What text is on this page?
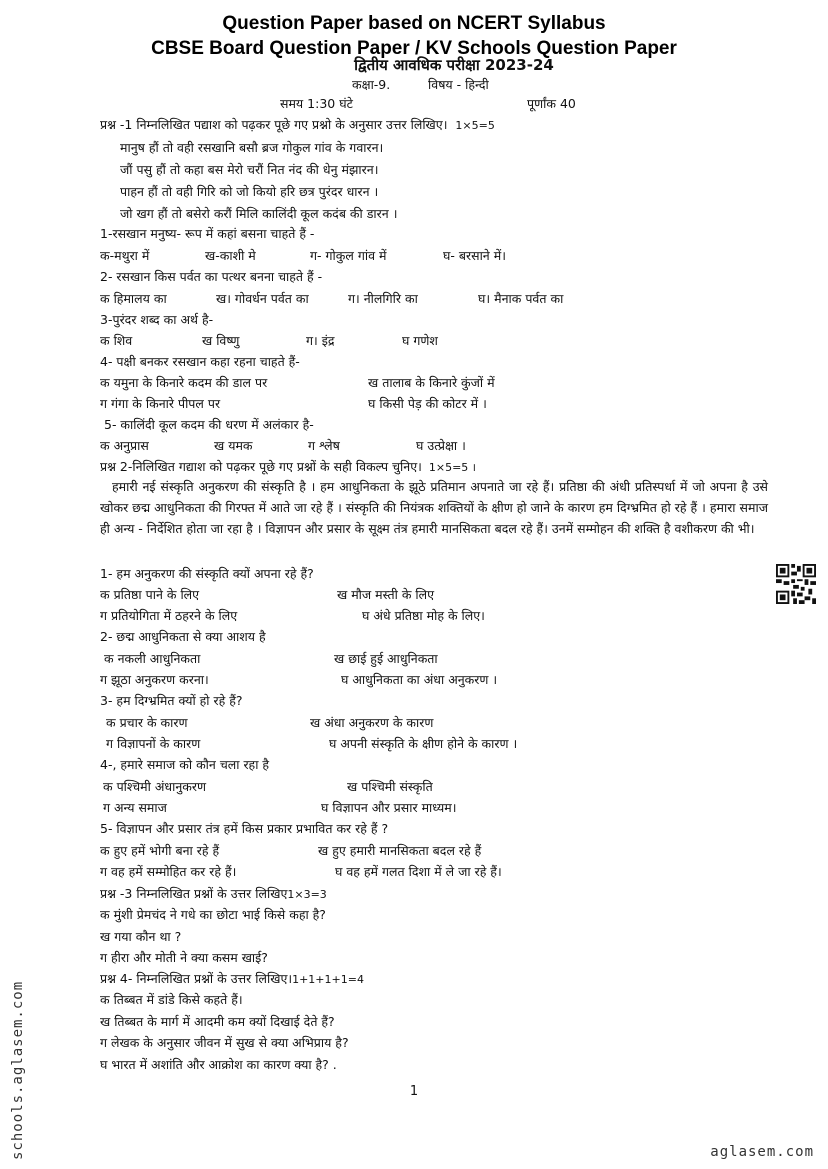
Question Paper based on NCERT Syllabus
CBSE Board Question Paper / KV Schools Question Paper
द्वितीय आवधिक परीक्षा 2023-24
कक्षा-9.	विषय - हिन्दी
समय 1:30 घंटे	पूर्णांक 40
प्रश्न -1 निम्नलिखित पद्याश को पढ़कर पूछे गए प्रश्नो के अनुसार उत्तर लिखिए। 1×5=5
मानुष हौं तो वही रसखानि बसौ ब्रज गोकुल गांव के गवारन।
जौं पसु हौं तो कहा बस मेरो चरौं नित नंद की धेनु मंझारन।
पाहन हौं तो वही गिरि को जो कियो हरि छत्र पुरंदर धारन ।
जो खग हौं तो बसेरो करौं मिलि कालिंदी कूल कदंब की डारन ।
1-रसखान मनुष्य- रूप में कहां बसना चाहते हैं -
क-मथुरा में	ख-काशी मे	ग- गोकुल गांव में	घ- बरसाने में।
2- रसखान किस पर्वत का पत्थर बनना चाहते हैं -
क हिमालय का	ख। गोवर्धन पर्वत का	ग। नीलगिरि का	घ। मैनाक पर्वत का
3-पुरंदर शब्द का अर्थ है-
क शिव	ख विष्णु	ग। इंद्र	घ गणेश
4- पक्षी बनकर रसखान कहा रहना चाहते हैं-
क यमुना के किनारे कदम की डाल पर	ख तालाब के किनारे कुंजों में
ग गंगा के किनारे पीपल पर	घ किसी पेड़ की कोटर में ।
5- कालिंदी कूल कदम की धरण में अलंकार है-
क अनुप्रास	ख यमक	ग श्लेष	घ उत्प्रेक्षा ।
प्रश्न 2-निलिखित गद्याश को पढ़कर पूछे गए प्रश्नों के सही विकल्प चुनिए। 1×5=5 ।
हमारी नई संस्कृति अनुकरण की संस्कृति है । हम आधुनिकता के झूठे प्रतिमान अपनाते जा रहे हैं। प्रतिष्ठा की अंधी प्रतिस्पर्धा में जो अपना है उसे खोकर छद्म आधुनिकता की गिरफ्त में आते जा रहे हैं । संस्कृति की नियंत्रक शक्तियों के क्षीण हो जाने के कारण हम दिग्भ्रमित हो रहे हैं । हमारा समाज ही अन्य - निर्देशित होता जा रहा है । विज्ञापन और प्रसार के सूक्ष्म तंत्र हमारी मानसिकता बदल रहे हैं। उनमें सम्मोहन की शक्ति है वशीकरण की भी।
1- हम अनुकरण की संस्कृति क्यों अपना रहे हैं?
क प्रतिष्ठा पाने के लिए	ख मौज मस्ती के लिए
ग प्रतियोगिता में ठहरने के लिए	घ अंधे प्रतिष्ठा मोह के लिए।
2- छद्म आधुनिकता से क्या आशय है
क नकली आधुनिकता	ख छाई हुई आधुनिकता
ग झूठा अनुकरण करना।	घ आधुनिकता का अंधा अनुकरण ।
3- हम दिग्भ्रमित क्यों हो रहे हैं?
क प्रचार के कारण	ख अंधा अनुकरण के कारण
ग विज्ञापनों के कारण	घ अपनी संस्कृति के क्षीण होने के कारण ।
4-, हमारे समाज को कौन चला रहा है
क पश्चिमी अंधानुकरण	ख पश्चिमी संस्कृति
ग अन्य समाज	घ विज्ञापन और प्रसार माध्यम।
5- विज्ञापन और प्रसार तंत्र हमें किस प्रकार प्रभावित कर रहे हैं ?
क हुए हमें भोगी बना रहे हैं	ख हुए हमारी मानसिकता बदल रहे हैं
ग वह हमें सम्मोहित कर रहे हैं।	घ वह हमें गलत दिशा में ले जा रहे हैं।
प्रश्न -3 निम्नलिखित प्रश्नों के उत्तर लिखिए1×3=3
क मुंशी प्रेमचंद ने गधे का छोटा भाई किसे कहा है?
ख गया कौन था ?
ग हीरा और मोती ने क्या कसम खाई?
प्रश्न 4- निम्नलिखित प्रश्नों के उत्तर लिखिए।1+1+1+1=4
क तिब्बत में डांडे किसे कहते हैं।
ख तिब्बत के मार्ग में आदमी कम क्यों दिखाई देते हैं?
ग लेखक के अनुसार जीवन में सुख से क्या अभिप्राय है?
घ भारत में अशांति और आक्रोश का कारण क्या है? .
1
schools.aglasem.com	aglasem.com
